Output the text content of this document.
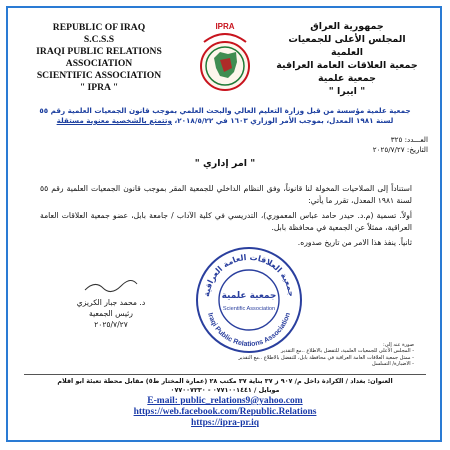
REPUBLIC OF IRAQ
S.C.S.S
IRAQI PUBLIC RELATIONS
ASSOCIATION
SCIENTIFIC ASSOCIATION
" IPRA "
جمهورية العراق
المجلس الأعلى للجمعيات العلمية
جمعية العلاقات العامة العراقية
جمعية علمية
" ايبرا "
IPRA
جمعية علمية مؤسسة من قبل وزارة التعليم العالي والبحث العلمي بموجب قانون الجمعيات العلمية رقم ٥٥
لسنة ١٩٨١ المعدل، بموجب الأمر الوزاري ١٦٠٣ في ٢٠١٨/٥/٢٢، وتتمتع بالشخصية معنوية مستقلة
العـــدد: ٣٢٥
التاريخ: ٢٠٢٥/٧/٢٧
" امر إداري "

استناداً إلى الصلاحيات المخولة لنا قانوناً، وفق النظام الداخلي للجمعية المقر بموجب قانون الجمعيات العلمية رقم ٥٥ لسنة ١٩٨١ المعدل، تقرر ما يأتي:

أولاً. تسمية (م.د. حيدر حامد عباس المعموري)، التدريسي في كلية الآداب / جامعة بابل، عضو جمعية العلاقات العامة العراقية، ممثلاً عن الجمعية في محافظة بابل.

ثانياً. ينفذ هذا الامر من تاريخ صدوره.

جمعية العلاقات العامة العراقية
Iraqi Public Relations Association
جمعية علمية
Scientific Association
د. محمد جبار الكريزي
رئيس الجمعية
٢٠٢٥/٧/٢٧
صورة عنه إلى:
- المجلس الأعلى للجمعيات العلمية، للتفضل بالاطلاع ..مع التقدير
- ممثل جمعية العلاقات العامة العراقية في محافظة بابل، للتفضل بالاطلاع ..مع التقدير
- الاضبارة/ التسلسل
العنوان: بغداد / الكرادة داخل م/ ٩٠٧ ز ٣٧ بناية ٣٧ مكتب ٢٨ (عمارة المختار ط٥) مقابل محطة تعبئة ابو اقلام
موبايل / ٠٧٧١٠٠١٤٤١ - ٠٧٧٠٠٧٢٣٠
E-mail: public_relations9@yahoo.com
https://web.facebook.com/Republic.Relations
https://ipra-pr.iq
